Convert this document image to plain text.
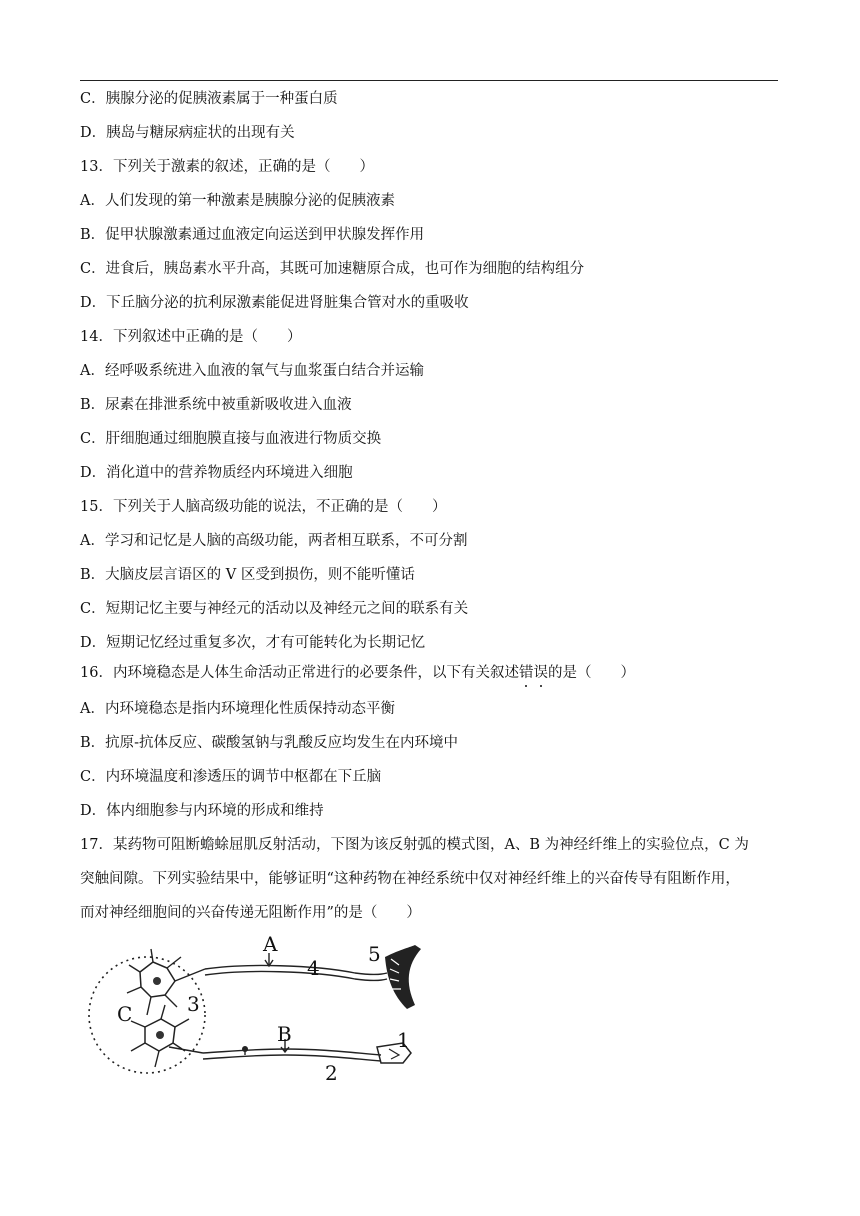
C．胰腺分泌的促胰液素属于一种蛋白质
D．胰岛与糖尿病症状的出现有关
13．下列关于激素的叙述，正确的是（　　）
A．人们发现的第一种激素是胰腺分泌的促胰液素
B．促甲状腺激素通过血液定向运送到甲状腺发挥作用
C．进食后，胰岛素水平升高，其既可加速糖原合成，也可作为细胞的结构组分
D．下丘脑分泌的抗利尿激素能促进肾脏集合管对水的重吸收
14．下列叙述中正确的是（　　）
A．经呼吸系统进入血液的氧气与血浆蛋白结合并运输
B．尿素在排泄系统中被重新吸收进入血液
C．肝细胞通过细胞膜直接与血液进行物质交换
D．消化道中的营养物质经内环境进入细胞
15．下列关于人脑高级功能的说法，不正确的是（　　）
A．学习和记忆是人脑的高级功能，两者相互联系，不可分割
B．大脑皮层言语区的 V 区受到损伤，则不能听懂话
C．短期记忆主要与神经元的活动以及神经元之间的联系有关
D．短期记忆经过重复多次，才有可能转化为长期记忆
16．内环境稳态是人体生命活动正常进行的必要条件，以下有关叙述错误的是（　　）
A．内环境稳态是指内环境理化性质保持动态平衡
B．抗原-抗体反应、碳酸氢钠与乳酸反应均发生在内环境中
C．内环境温度和渗透压的调节中枢都在下丘脑
D．体内细胞参与内环境的形成和维持
17．某药物可阻断蟾蜍屈肌反射活动，下图为该反射弧的模式图，A、B 为神经纤维上的实验位点，C 为
突触间隙。下列实验结果中，能够证明“这种药物在神经系统中仅对神经纤维上的兴奋传导有阻断作用，
而对神经细胞间的兴奋传递无阻断作用”的是（　　）
A
4
5
3
C
B
2
1
